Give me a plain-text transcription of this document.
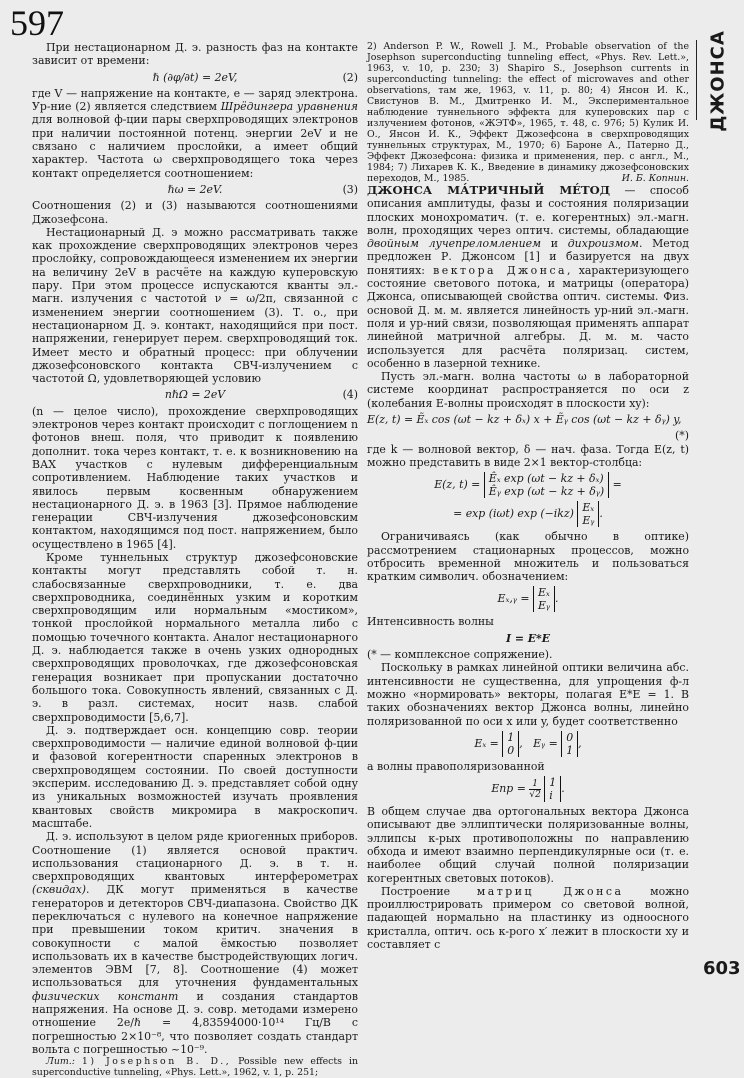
597

При нестационарном Д. э. разность фаз на контакте зависит от времени:

ℏ (∂φ/∂t) = 2eV,	(2)

где V — напряжение на контакте, e — заряд электрона. Ур-ние (2) является следствием Шрёдингера уравнения для волновой ф-ции пары сверхпроводящих электронов при наличии постоянной потенц. энергии 2eV и не связано с наличием прослойки, а имеет общий характер. Частота ω сверхпроводящего тока через контакт определяется соотношением:

ℏω = 2eV.	(3)

Соотношения (2) и (3) называются соотношениями Джозефсона.

Нестационарный Д. э можно рассматривать также как прохождение сверхпроводящих электронов через прослойку, сопровождающееся изменением их энергии на величину 2eV в расчёте на каждую куперовскую пару. При этом процессе испускаются кванты эл.- магн. излучения с частотой ν = ω/2π, связанной с изменением энергии соотношением (3). Т. о., при нестационарном Д. э. контакт, находящийся при пост. напряжении, генерирует перем. сверхпроводящий ток. Имеет место и обратный процесс: при облучении джозефсоновского контакта СВЧ-излучением с частотой Ω, удовлетворяющей условию

nℏΩ = 2eV	(4)

(n — целое число), прохождение сверхпроводящих электронов через контакт происходит с поглощением n фотонов внеш. поля, что приводит к появлению дополнит. тока через контакт, т. е. к возникновению на ВАХ участков с нулевым дифференциальным сопротивлением. Наблюдение таких участков и явилось первым косвенным обнаружением нестационарного Д. э. в 1963 [3]. Прямое наблюдение генерации СВЧ-излучения джозефсоновским контактом, находящимся под пост. напряжением, было осуществлено в 1965 [4].

Кроме туннельных структур джозефсоновские контакты могут представлять собой т. н. слабосвязанные сверхпроводники, т. е. два сверхпроводника, соединённых узким и коротким сверхпроводящим или нормальным «мостиком», тонкой прослойкой нормального металла либо с помощью точечного контакта. Аналог нестационарного Д. э. наблюдается также в очень узких однородных сверхпроводящих проволочках, где джозефсоновская генерация возникает при пропускании достаточно большого тока. Совокупность явлений, связанных с Д. э. в разл. системах, носит назв. слабой сверхпроводимости [5,6,7].

Д. э. подтверждает осн. концепцию совр. теории сверхпроводимости — наличие единой волновой ф-ции и фазовой когерентности спаренных электронов в сверхпроводящем состоянии. По своей доступности эксперим. исследованию Д. э. представляет собой одну из уникальных возможностей изучать проявления квантовых свойств микромира в макроскопич. масштабе.

Д. э. используют в целом ряде криогенных приборов. Соотношение (1) является основой практич. использования стационарного Д. э. в т. н. сверхпроводящих квантовых интерферометрах (сквидах). ДК могут применяться в качестве генераторов и детекторов СВЧ-диапазона. Свойство ДК переключаться с нулевого на конечное напряжение при превышении током критич. значения в совокупности с малой ёмкостью позволяет использовать их в качестве быстродействующих логич. элементов ЭВМ [7, 8]. Соотношение (4) может использоваться для уточнения фундаментальных физических констант и создания стандартов напряжения. На основе Д. э. совр. методами измерено отношение 2e/ℏ = 4,83594000·10¹⁴ Гц/В с погрешностью 2×10⁻⁸, что позволяет создать стандарт вольта с погрешностью ~10⁻⁹.

Лит.: 1) Josephson B. D., Possible new effects in superconductive tunneling, «Phys. Lett.», 1962, v. 1, p. 251;

ДЖОНСА

2) Anderson P. W., Rowell J. M., Probable observation of the Josephson superconducting tunneling effect, «Phys. Rev. Lett.», 1963, v. 10, p. 230; 3) Shapiro S., Josephson currents in superconducting tunneling: the effect of microwaves and other observations, там же, 1963, v. 11, p. 80; 4) Янсон И. К., Свистунов В. М., Дмитренко И. М., Экспериментальное наблюдение туннельного эффекта для куперовских пар с излучением фотонов, «ЖЭТФ», 1965, т. 48, с. 976; 5) Кулик И. О., Янсон И. К., Эффект Джозефсона в сверхпроводящих туннельных структурах, М., 1970; 6) Бароне А., Патерно Д., Эффект Джозефсона: физика и применения, пер. с англ., М., 1984; 7) Лихарев К. К., Введение в динамику джозефсоновских переходов, М., 1985.	И. Б. Копнин.

ДЖОНСА МА́ТРИЧНЫЙ МЕ́ТОД — способ описания амплитуды, фазы и состояния поляризации плоских монохроматич. (т. е. когерентных) эл.-магн. волн, проходящих через оптич. системы, обладающие двойным лучепреломлением и дихроизмом. Метод предложен Р. Джонсом [1] и базируется на двух понятиях: вектора Джонса, характеризующего состояние светового потока, и матрицы (оператора) Джонса, описывающей свойства оптич. системы. Физ. основой Д. м. м. является линейность ур-ний эл.-магн. поля и ур-ний связи, позволяющая применять аппарат линейной матричной алгебры. Д. м. м. часто используется для расчёта поляризац. систем, особенно в лазерной технике.

Пусть эл.-магн. волна частоты ω в лабораторной системе координат распространяется по оси z (колебания E-волны происходят в плоскости xy):

E(z, t) = Ẽₓ cos (ωt − kz + δₓ) x + Ẽᵧ cos (ωt − kz + δᵧ) y,
(*)

где k — волновой вектор, δ — нач. фаза. Тогда E(z, t) можно представить в виде 2×1 вектор-столбца:

E(z, t) = Êₓ exp (ωt − kz + δₓ)
Êᵧ exp (ωt − kz + δᵧ)
=
= exp (iωt) exp (−ikz) Eₓ
Eᵧ
.

Ограничиваясь (как обычно в оптике) рассмотрением стационарных процессов, можно отбросить временной множитель и пользоваться кратким символич. обозначением:

Eₓ,ᵧ = Eₓ
Eᵧ
.

Интенсивность волны

I = E*E

(* — комплексное сопряжение).

Поскольку в рамках линейной оптики величина абс. интенсивности не существенна, для упрощения ф-л можно «нормировать» векторы, полагая E*E = 1. В таких обозначениях вектор Джонса волны, линейно поляризованной по оси x или y, будет соответственно

Eₓ = 1
0
,   Eᵧ = 0
1
,

а волны правополяризованной

Eпр = $\frac{1}{√2}$
1
i
.

В общем случае два ортогональных вектора Джонса описывают две эллиптически поляризованные волны, эллипсы к-рых противоположны по направлению обхода и имеют взаимно перпендикулярные оси (т. е. наиболее общий случай полной поляризации когерентных световых потоков).

Построение матриц Джонса можно проиллюстрировать примером со световой волной, падающей нормально на пластинку из одноосного кристалла, оптич. ось к-рого x′ лежит в плоскости xy и составляет с

603
